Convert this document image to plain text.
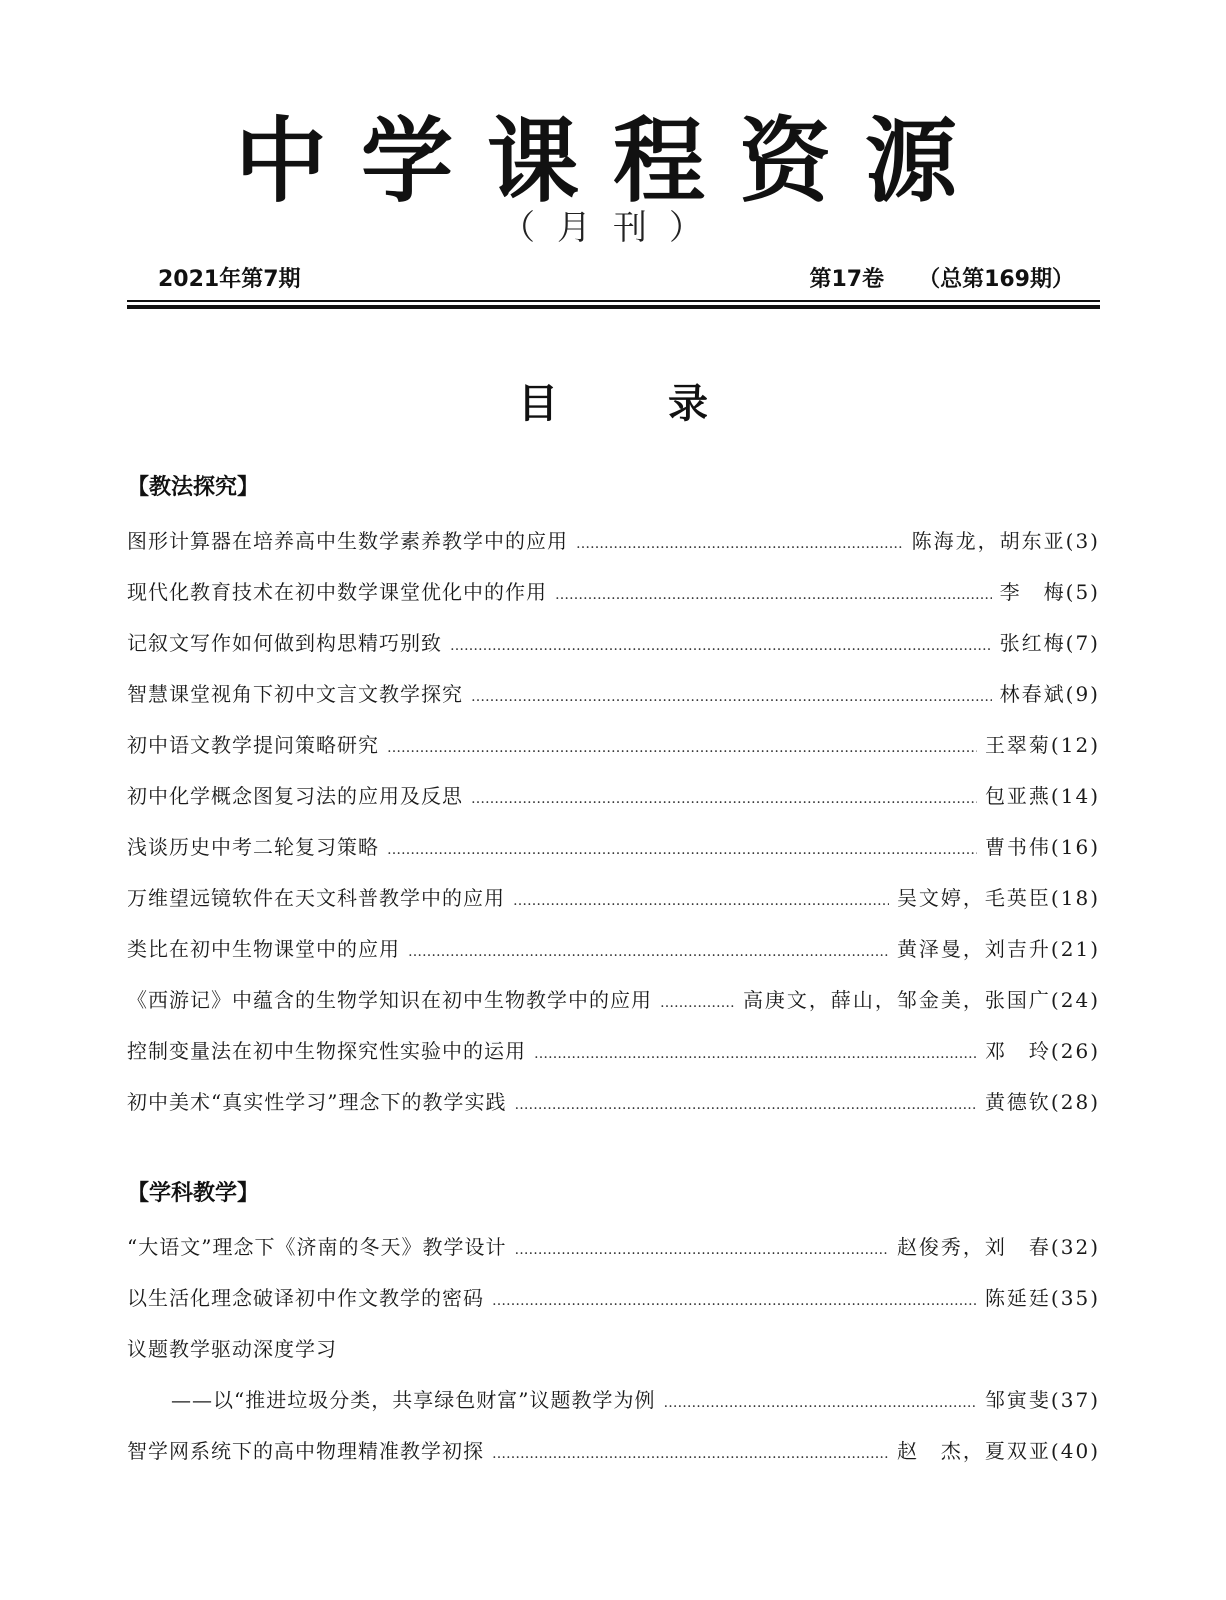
中学课程资源
（月刊）
2021年第7期	第17卷 （总第169期）
目录
【教法探究】
图形计算器在培养高中生数学素养教学中的应用 …………………………………………………………………………………………………………………………………………………………………………………………	陈海龙，胡东亚(3)
现代化教育技术在初中数学课堂优化中的作用 …………………………………………………………………………………………………………………………………………………………………………………………	李　梅(5)
记叙文写作如何做到构思精巧别致 …………………………………………………………………………………………………………………………………………………………………………………………	张红梅(7)
智慧课堂视角下初中文言文教学探究 …………………………………………………………………………………………………………………………………………………………………………………………	林春斌(9)
初中语文教学提问策略研究 …………………………………………………………………………………………………………………………………………………………………………………………	王翠菊(12)
初中化学概念图复习法的应用及反思 …………………………………………………………………………………………………………………………………………………………………………………………	包亚燕(14)
浅谈历史中考二轮复习策略 …………………………………………………………………………………………………………………………………………………………………………………………	曹书伟(16)
万维望远镜软件在天文科普教学中的应用 …………………………………………………………………………………………………………………………………………………………………………………………	吴文婷，毛英臣(18)
类比在初中生物课堂中的应用 …………………………………………………………………………………………………………………………………………………………………………………………	黄泽曼，刘吉升(21)
《西游记》中蕴含的生物学知识在初中生物教学中的应用 …………………………………………………………………………………………………………………………………………………………………………………………	高庚文，薛山，邹金美，张国广(24)
控制变量法在初中生物探究性实验中的运用 …………………………………………………………………………………………………………………………………………………………………………………………	邓　玲(26)
初中美术“真实性学习”理念下的教学实践 …………………………………………………………………………………………………………………………………………………………………………………………	黄德钦(28)
【学科教学】
“大语文”理念下《济南的冬天》教学设计 …………………………………………………………………………………………………………………………………………………………………………………………	赵俊秀，刘　春(32)
以生活化理念破译初中作文教学的密码 …………………………………………………………………………………………………………………………………………………………………………………………	陈延廷(35)
议题教学驱动深度学习
——以“推进垃圾分类，共享绿色财富”议题教学为例 …………………………………………………………………………………………………………………………………………………………………………………………	邹寅斐(37)
智学网系统下的高中物理精准教学初探 …………………………………………………………………………………………………………………………………………………………………………………………	赵　杰，夏双亚(40)
